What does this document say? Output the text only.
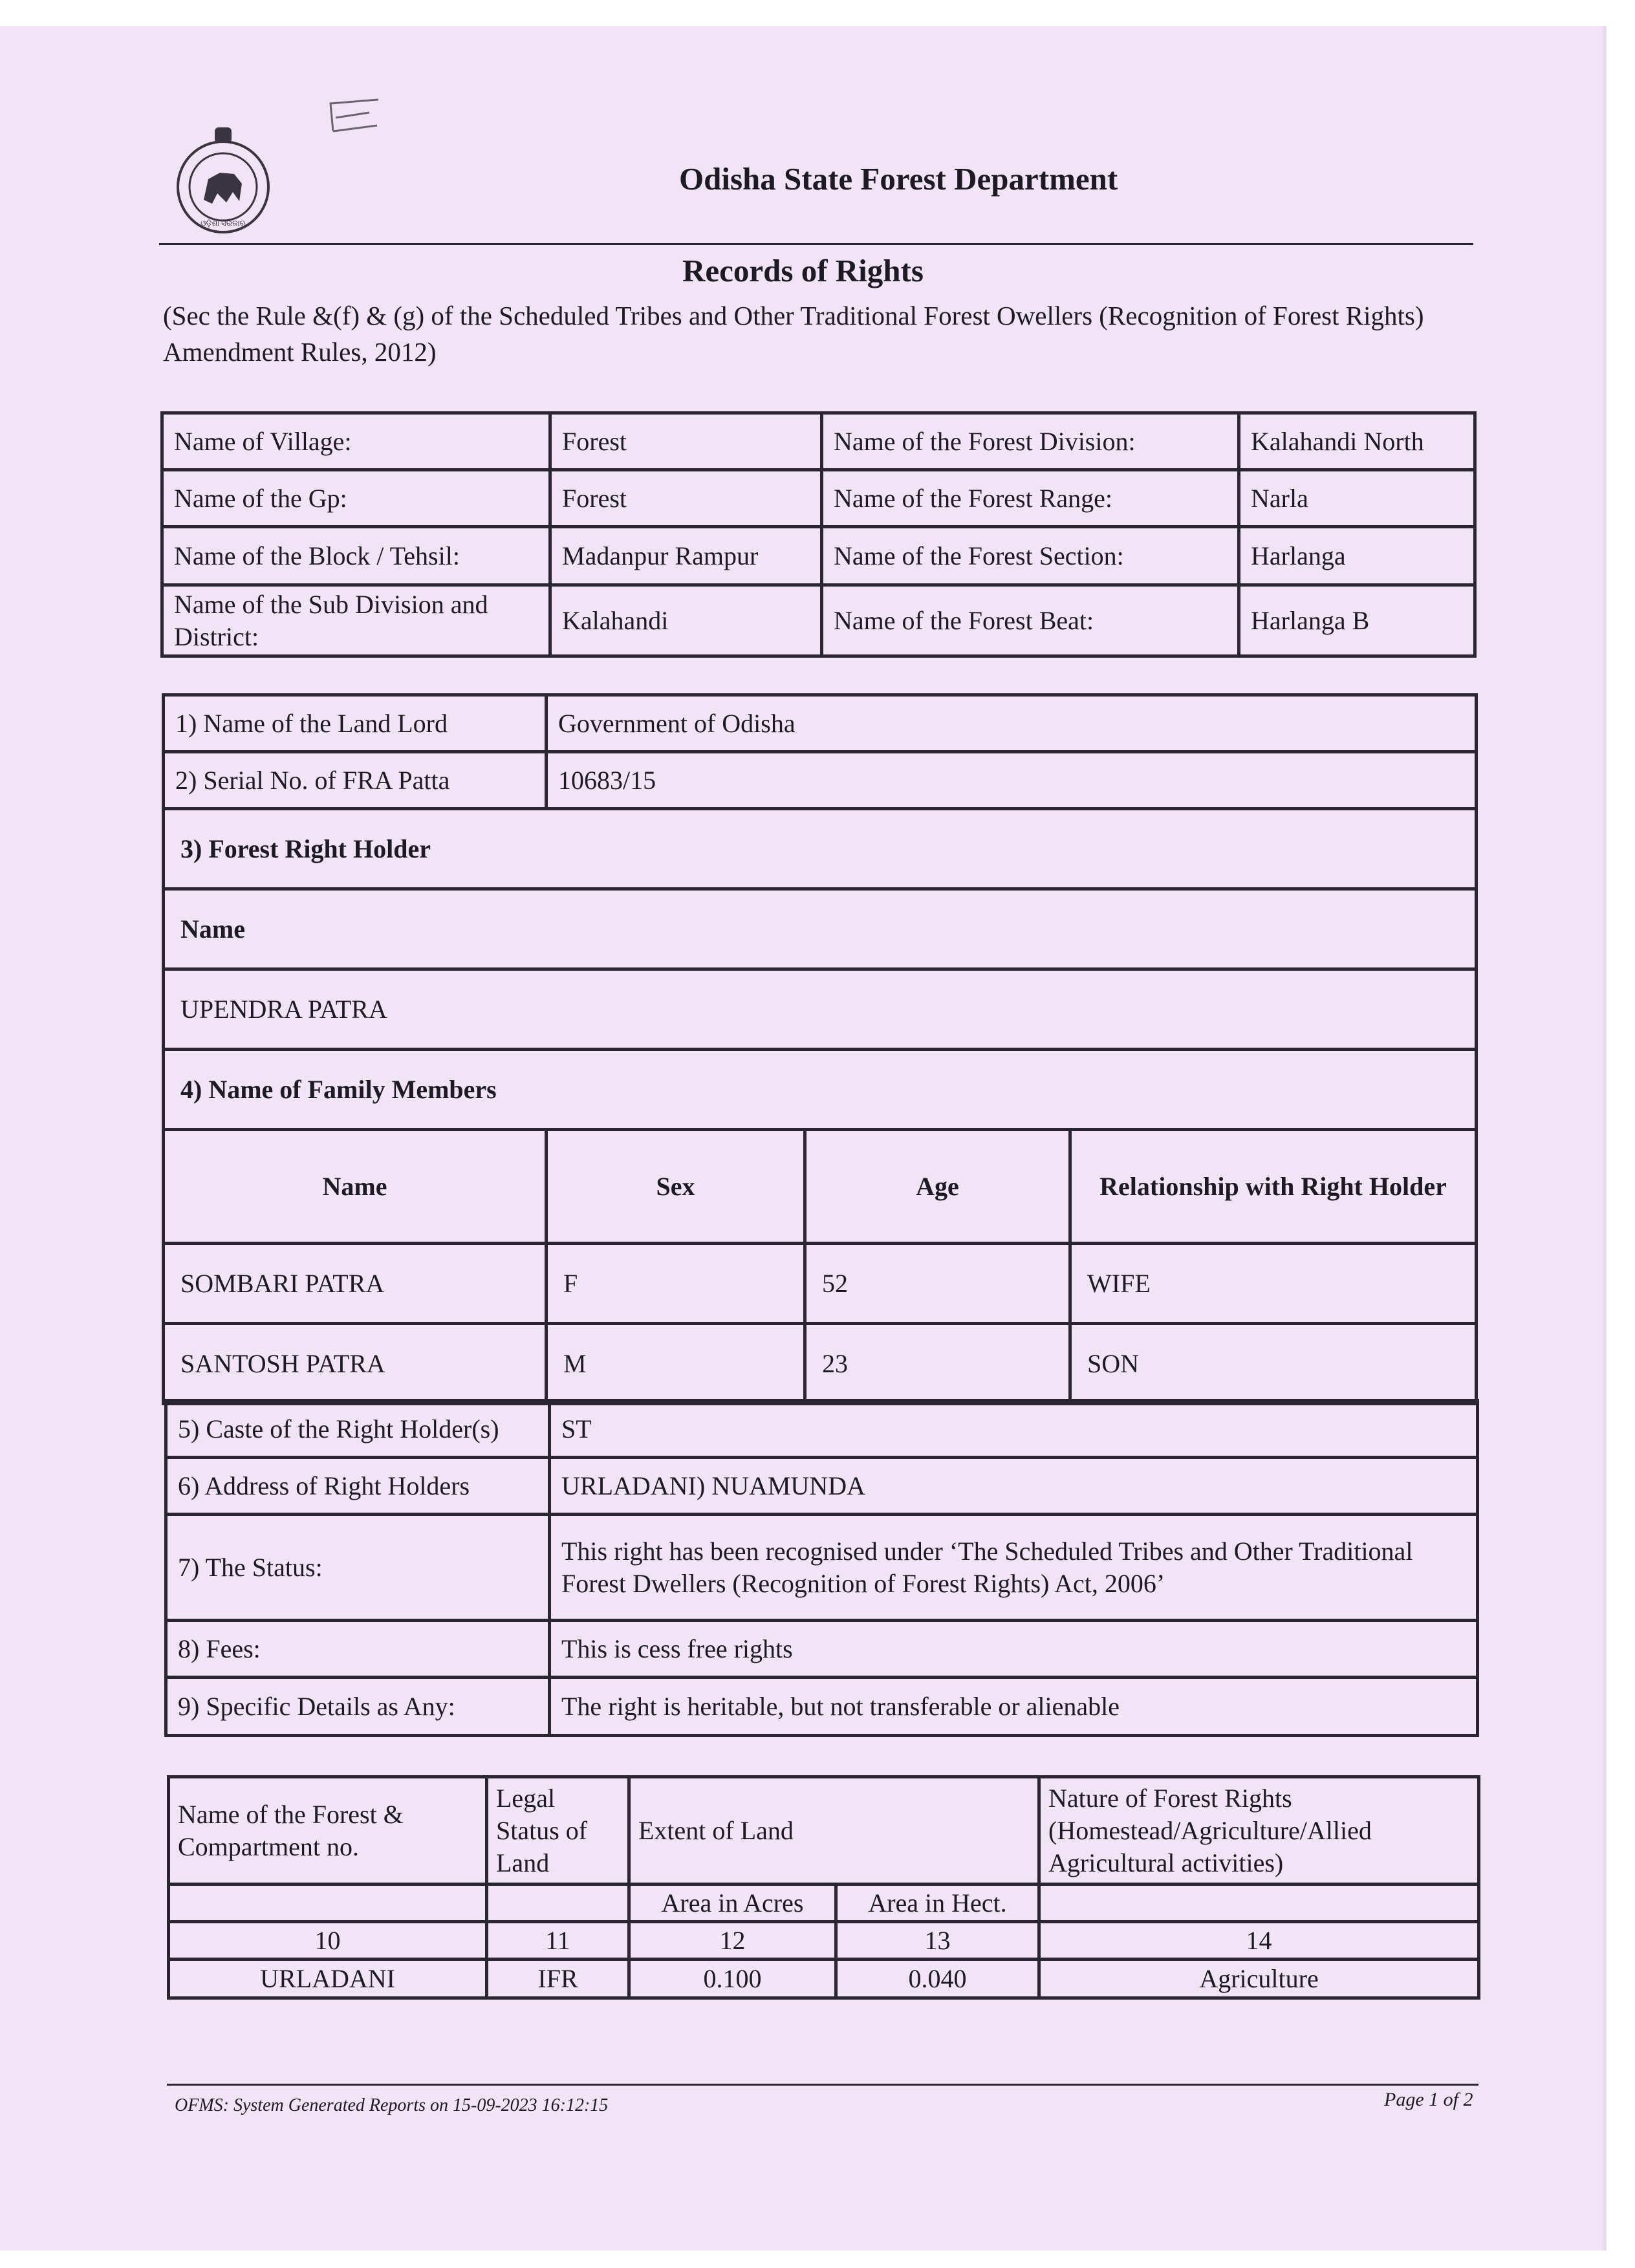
ଓଡ଼ିଶା ସରକାର
Odisha State Forest Department
Records of Rights
(Sec the Rule &(f) & (g) of the Scheduled Tribes and Other Traditional Forest Owellers (Recognition of Forest Rights) Amendment Rules, 2012)
Name of Village:	Forest	Name of the Forest Division:	Kalahandi North
Name of the Gp:	Forest	Name of the Forest Range:	Narla
Name of the Block / Tehsil:	Madanpur Rampur	Name of the Forest Section:	Harlanga
Name of the Sub Division and District:	Kalahandi	Name of the Forest Beat:	Harlanga B
1) Name of the Land Lord	Government of Odisha		
2) Serial No. of FRA Patta	10683/15		
3) Forest Right Holder			
Name			
UPENDRA PATRA			
4) Name of Family Members			
Name	Sex	Age	Relationship with Right Holder
SOMBARI PATRA	F	52	WIFE
SANTOSH PATRA	M	23	SON
5) Caste of the Right Holder(s)	ST
6) Address of Right Holders	URLADANI) NUAMUNDA
7) The Status:	This right has been recognised under ‘The Scheduled Tribes and Other Traditional
Forest Dwellers (Recognition of Forest Rights) Act, 2006’

8) Fees:	This is cess free rights
9) Specific Details as Any:	The right is heritable, but not transferable or alienable
Name of the Forest & Compartment no.	Legal Status of Land	Extent of Land		Nature of Forest Rights (Homestead/Agriculture/Allied Agricultural activities)
		Area in Acres	Area in Hect.	
10	11	12	13	14
URLADANI	IFR	0.100	0.040	Agriculture
OFMS: System Generated Reports on 15-09-2023 16:12:15	Page 1 of 2
